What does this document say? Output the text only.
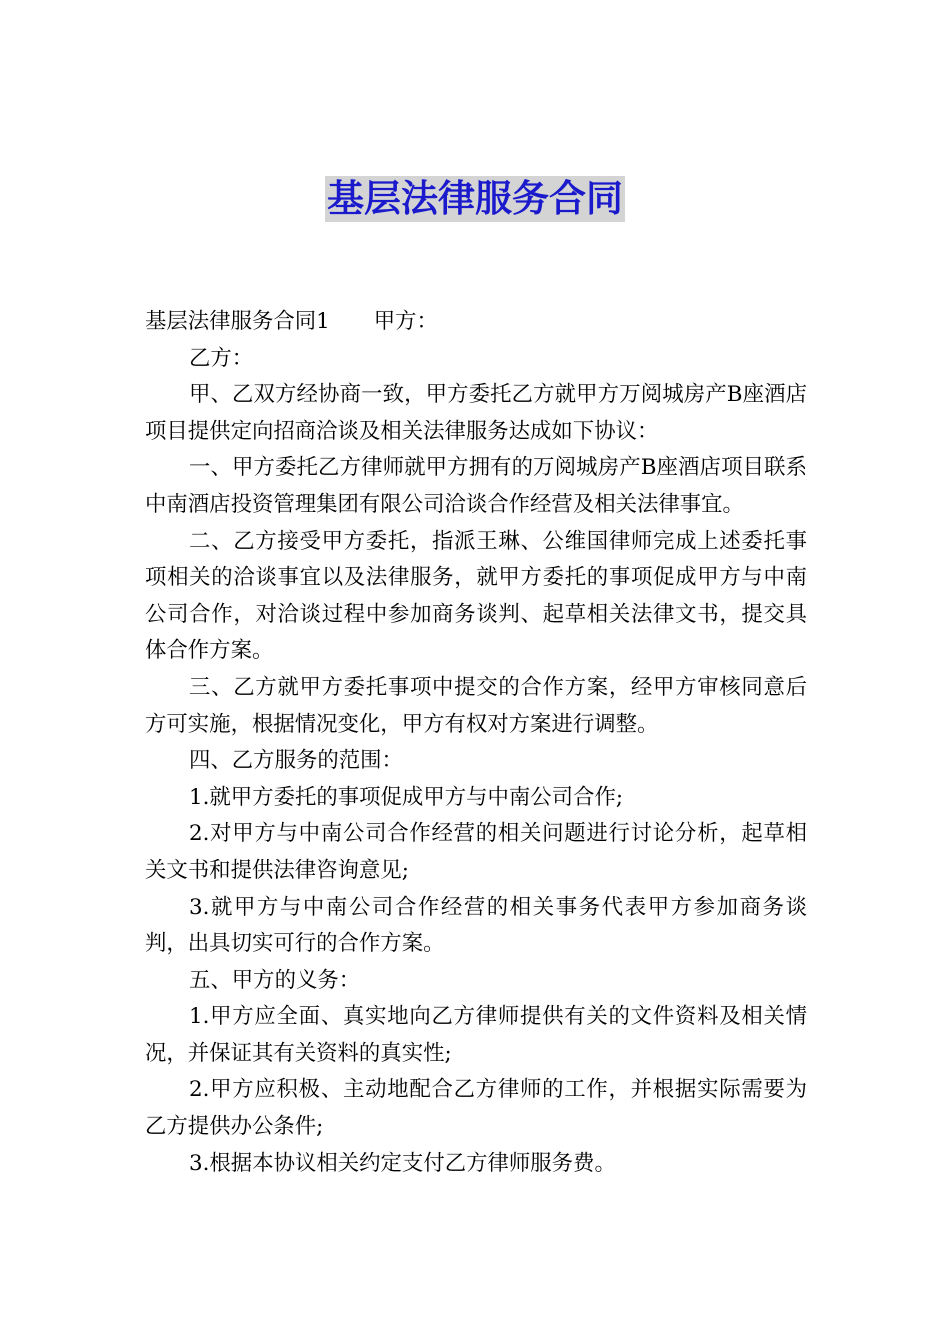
基层法律服务合同

基层法律服务合同1 甲方：

乙方：

甲、乙双方经协商一致，甲方委托乙方就甲方万阅城房产B座酒店项目提供定向招商洽谈及相关法律服务达成如下协议：

一、甲方委托乙方律师就甲方拥有的万阅城房产B座酒店项目联系中南酒店投资管理集团有限公司洽谈合作经营及相关法律事宜。

二、乙方接受甲方委托，指派王琳、公维国律师完成上述委托事项相关的洽谈事宜以及法律服务，就甲方委托的事项促成甲方与中南公司合作，对洽谈过程中参加商务谈判、起草相关法律文书，提交具体合作方案。

三、乙方就甲方委托事项中提交的合作方案，经甲方审核同意后方可实施，根据情况变化，甲方有权对方案进行调整。

四、乙方服务的范围：

1.就甲方委托的事项促成甲方与中南公司合作;

2.对甲方与中南公司合作经营的相关问题进行讨论分析，起草相关文书和提供法律咨询意见;

3.就甲方与中南公司合作经营的相关事务代表甲方参加商务谈判，出具切实可行的合作方案。

五、甲方的义务：

1.甲方应全面、真实地向乙方律师提供有关的文件资料及相关情况，并保证其有关资料的真实性;

2.甲方应积极、主动地配合乙方律师的工作，并根据实际需要为乙方提供办公条件;

3.根据本协议相关约定支付乙方律师服务费。
